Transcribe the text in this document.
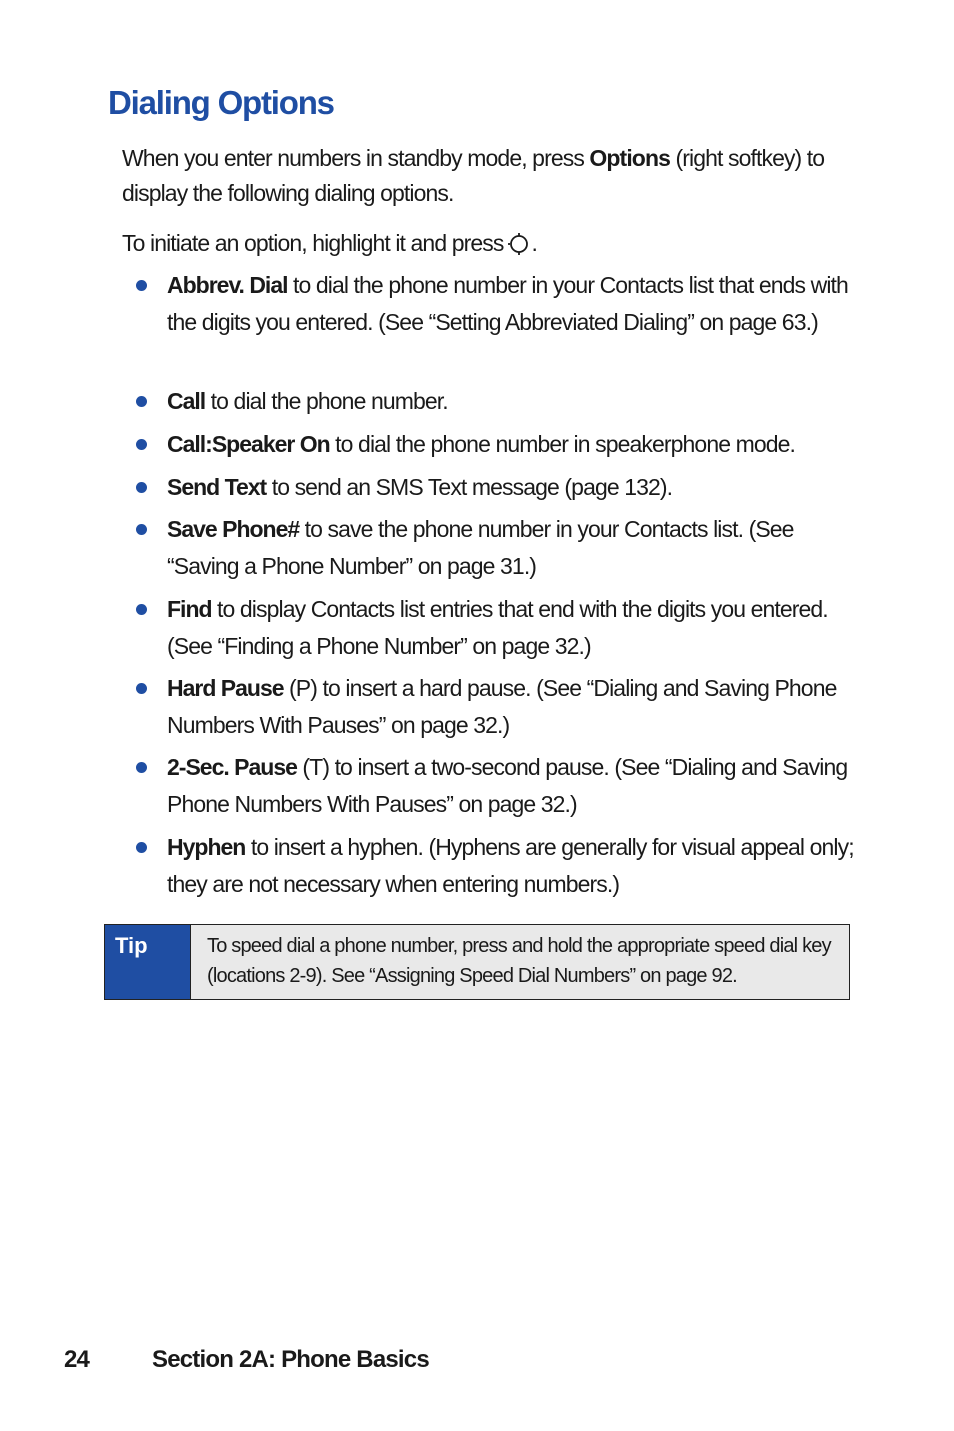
Dialing Options

When you enter numbers in standby mode, press Options (right softkey) to display the following dialing options.

To initiate an option, highlight it and press .

Abbrev. Dial to dial the phone number in your Contacts list that ends with the digits you entered. (See “Setting Abbreviated Dialing” on page 63.)
Call to dial the phone number.
Call:Speaker On to dial the phone number in speakerphone mode.
Send Text to send an SMS Text message (page 132).
Save Phone# to save the phone number in your Contacts list. (See “Saving a Phone Number” on page 31.)
Find to display Contacts list entries that end with the digits you entered. (See “Finding a Phone Number” on page 32.)
Hard Pause (P) to insert a hard pause. (See “Dialing and Saving Phone Numbers With Pauses” on page 32.)
2-Sec. Pause (T) to insert a two-second pause. (See “Dialing and Saving Phone Numbers With Pauses” on page 32.)
Hyphen to insert a hyphen. (Hyphens are generally for visual appeal only; they are not necessary when entering numbers.)
Tip	To speed dial a phone number, press and hold the appropriate speed dial key (locations 2-9). See “Assigning Speed Dial Numbers” on page 92.
24	Section 2A: Phone Basics
